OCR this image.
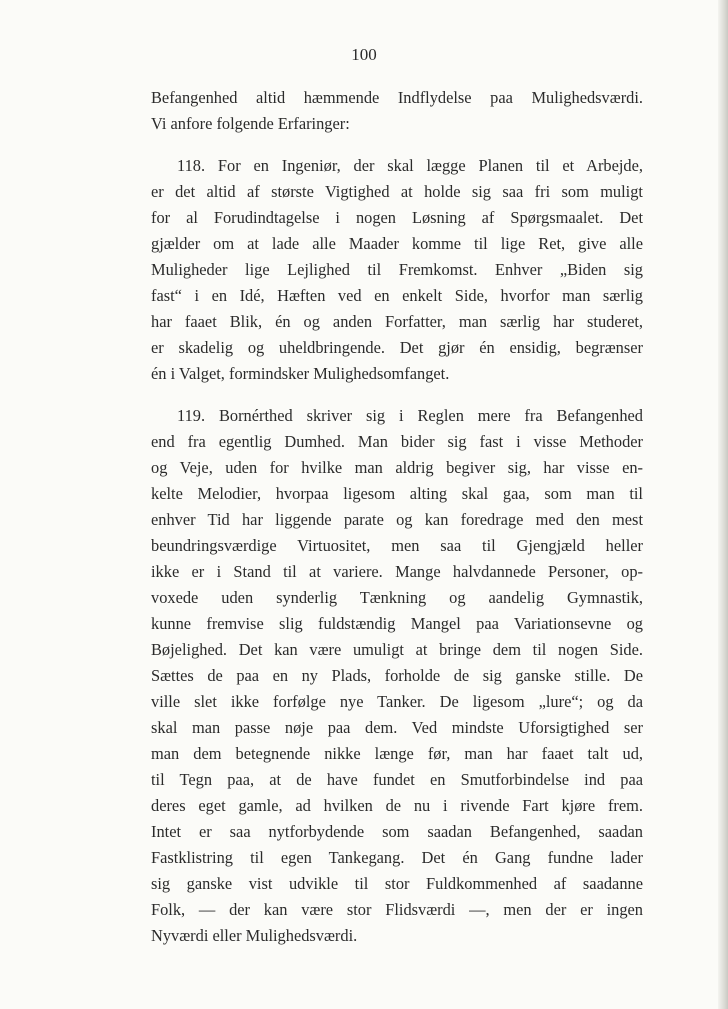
100
Befangenhed altid hæmmende Indflydelse paa Mulighedsværdi.
Vi anfore folgende Erfaringer:
118. For en Ingeniør, der skal lægge Planen til et Arbejde,
er det altid af største Vigtighed at holde sig saa fri som muligt
for al Forudindtagelse i nogen Løsning af Spørgsmaalet. Det
gjælder om at lade alle Maader komme til lige Ret, give alle
Muligheder lige Lejlighed til Fremkomst. Enhver „Biden sig
fast“ i en Idé, Hæften ved en enkelt Side, hvorfor man særlig
har faaet Blik, én og anden Forfatter, man særlig har studeret,
er skadelig og uheldbringende. Det gjør én ensidig, begrænser
én i Valget, formindsker Mulighedsomfanget.
119. Bornérthed skriver sig i Reglen mere fra Befangenhed
end fra egentlig Dumhed. Man bider sig fast i visse Methoder
og Veje, uden for hvilke man aldrig begiver sig, har visse en-
kelte Melodier, hvorpaa ligesom alting skal gaa, som man til
enhver Tid har liggende parate og kan foredrage med den mest
beundringsværdige Virtuositet, men saa til Gjengjæld heller
ikke er i Stand til at variere. Mange halvdannede Personer, op-
voxede uden synderlig Tænkning og aandelig Gymnastik,
kunne fremvise slig fuldstændig Mangel paa Variationsevne og
Bøjelighed. Det kan være umuligt at bringe dem til nogen Side.
Sættes de paa en ny Plads, forholde de sig ganske stille. De
ville slet ikke forfølge nye Tanker. De ligesom „lure“; og da
skal man passe nøje paa dem. Ved mindste Uforsigtighed ser
man dem betegnende nikke længe før, man har faaet talt ud,
til Tegn paa, at de have fundet en Smutforbindelse ind paa
deres eget gamle, ad hvilken de nu i rivende Fart kjøre frem.
Intet er saa nytforbydende som saadan Befangenhed, saadan
Fastklistring til egen Tankegang. Det én Gang fundne lader
sig ganske vist udvikle til stor Fuldkommenhed af saadanne
Folk, — der kan være stor Flidsværdi —, men der er ingen
Nyværdi eller Mulighedsværdi.
